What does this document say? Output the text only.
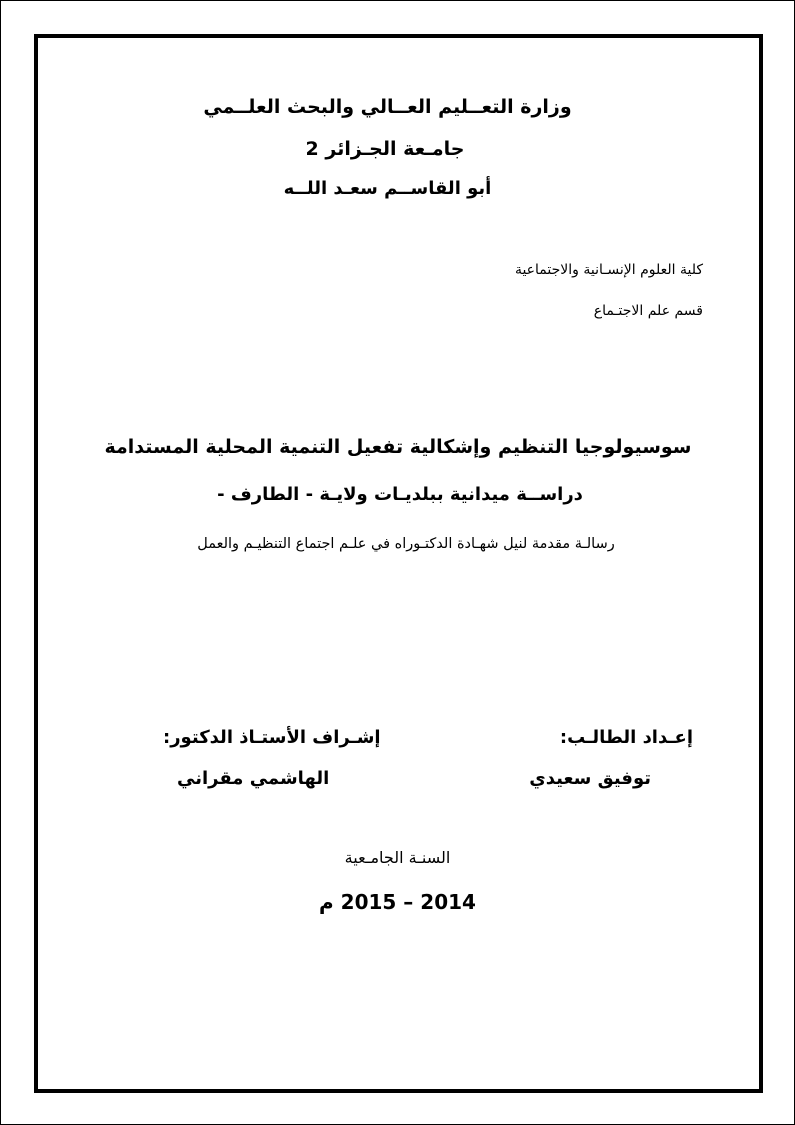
وزارة التعــليم العــالي والبحث العلــمي
جامـعة الجـزائر 2
أبو القاســم سعـد اللــه
كلية العلوم الإنسـانية والاجتماعية
قسم علم الاجتـماع
سوسيولوجيا التنظيم وإشكالية تفعيل التنمية المحلية المستدامة
دراســة ميدانية ببلديـات ولايـة - الطارف -
رسالـة مقدمة لنيل شهـادة الدكتـوراه في علـم اجتماع التنظيـم والعمل
إعـداد الطالـب:
توفيق سعيدي
إشـراف الأستـاذ الدكتور:
الهاشمي مقراني
السنـة الجامـعية
2014 – 2015 م
